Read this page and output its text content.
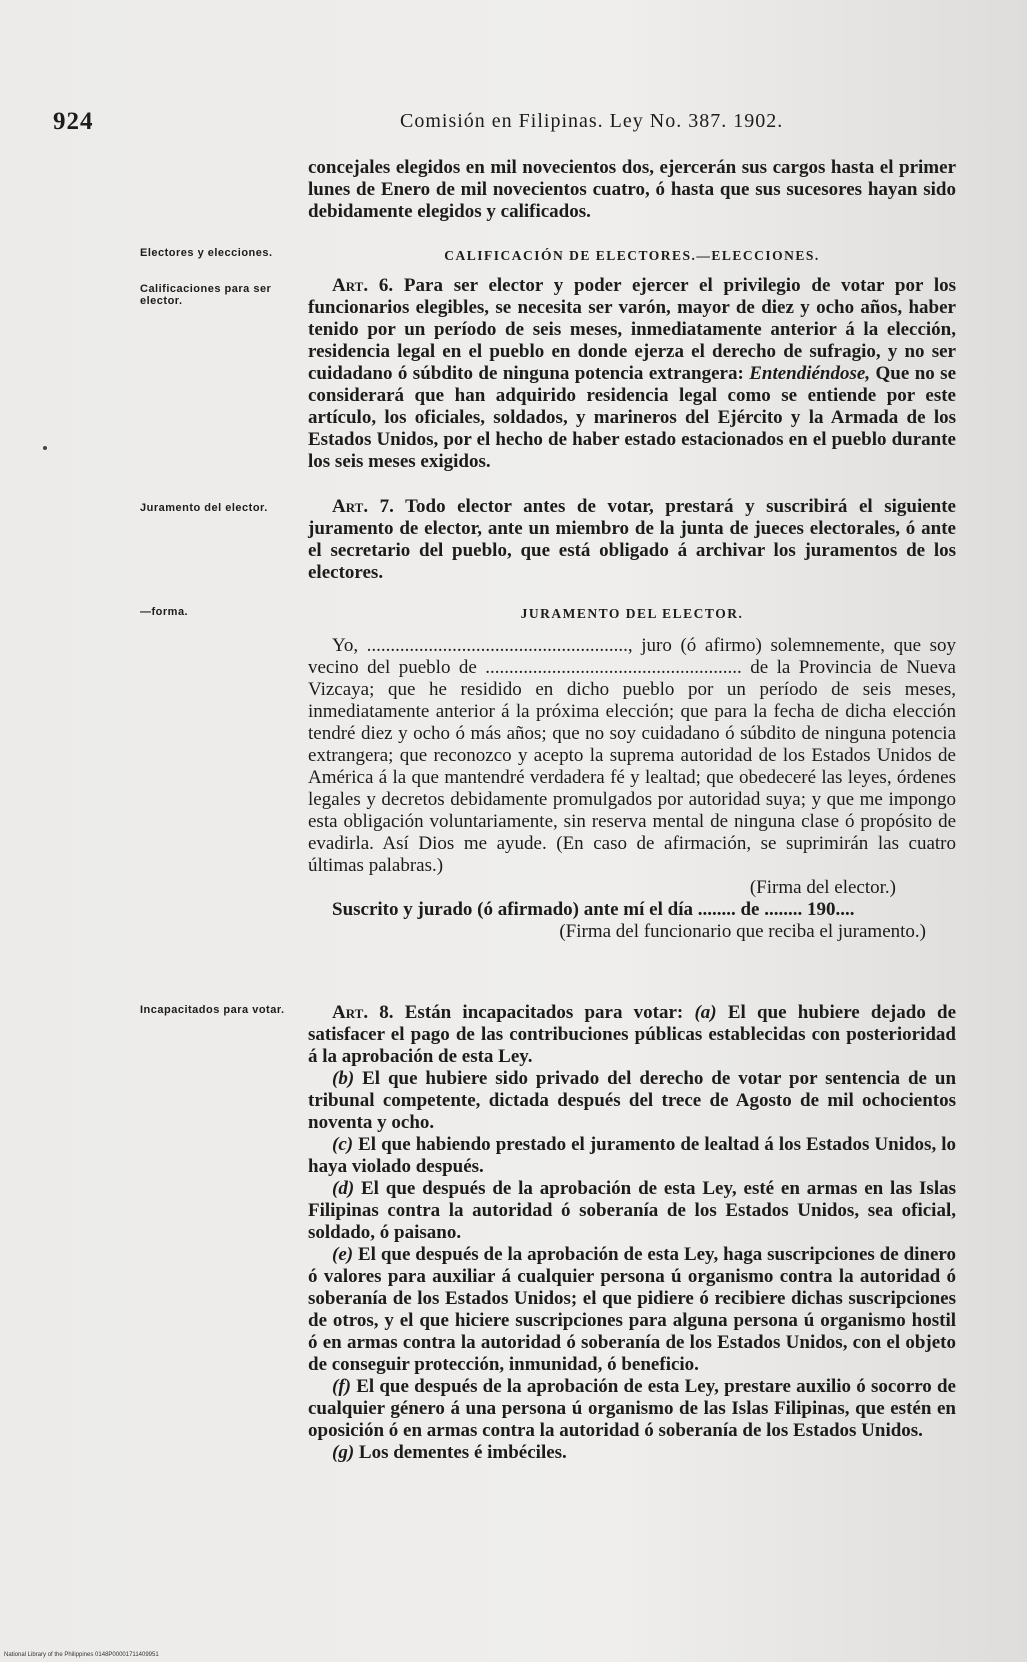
924	Comisión en Filipinas. Ley No. 387. 1902.

concejales elegidos en mil novecientos dos, ejercerán sus cargos hasta el primer lunes de Enero de mil novecientos cuatro, ó hasta que sus sucesores hayan sido debidamente elegidos y calificados.

Electores y elecciones.
Calificaciones para ser elector.
Juramento del elector.
—forma.
Incapacitados para votar.
CALIFICACIÓN DE ELECTORES.—ELECCIONES.

Art. 6. Para ser elector y poder ejercer el privilegio de votar por los funcionarios elegibles, se necesita ser varón, mayor de diez y ocho años, haber tenido por un período de seis meses, inmediatamente anterior á la elección, residencia legal en el pueblo en donde ejerza el derecho de sufragio, y no ser cuidadano ó súbdito de ninguna potencia extrangera: Entendiéndose, Que no se considerará que han adquirido residencia legal como se entiende por este artículo, los oficiales, soldados, y marineros del Ejército y la Armada de los Estados Unidos, por el hecho de haber estado estacionados en el pueblo durante los seis meses exigidos.

Art. 7. Todo elector antes de votar, prestará y suscribirá el siguiente juramento de elector, ante un miembro de la junta de jueces electorales, ó ante el secretario del pueblo, que está obligado á archivar los juramentos de los electores.

JURAMENTO DEL ELECTOR.

Yo, ......................................................., juro (ó afirmo) solemnemente, que soy vecino del pueblo de ...................................................... de la Provincia de Nueva Vizcaya; que he residido en dicho pueblo por un período de seis meses, inmediatamente anterior á la próxima elección; que para la fecha de dicha elección tendré diez y ocho ó más años; que no soy cuidadano ó súbdito de ninguna potencia extrangera; que reconozco y acepto la suprema autoridad de los Estados Unidos de América á la que mantendré verdadera fé y lealtad; que obedeceré las leyes, órdenes legales y decretos debidamente promulgados por autoridad suya; y que me impongo esta obligación voluntariamente, sin reserva mental de ninguna clase ó propósito de evadirla. Así Dios me ayude. (En caso de afirmación, se suprimirán las cuatro últimas palabras.)

(Firma del elector.)

Suscrito y jurado (ó afirmado) ante mí el día ........ de ........ 190....

(Firma del funcionario que reciba el juramento.)

Art. 8. Están incapacitados para votar: (a) El que hubiere dejado de satisfacer el pago de las contribuciones públicas establecidas con posterioridad á la aprobación de esta Ley.

(b) El que hubiere sido privado del derecho de votar por sentencia de un tribunal competente, dictada después del trece de Agosto de mil ochocientos noventa y ocho.

(c) El que habiendo prestado el juramento de lealtad á los Estados Unidos, lo haya violado después.

(d) El que después de la aprobación de esta Ley, esté en armas en las Islas Filipinas contra la autoridad ó soberanía de los Estados Unidos, sea oficial, soldado, ó paisano.

(e) El que después de la aprobación de esta Ley, haga suscripciones de dinero ó valores para auxiliar á cualquier persona ú organismo contra la autoridad ó soberanía de los Estados Unidos; el que pidiere ó recibiere dichas suscripciones de otros, y el que hiciere suscripciones para alguna persona ú organismo hostil ó en armas contra la autoridad ó soberanía de los Estados Unidos, con el objeto de conseguir protección, inmunidad, ó beneficio.

(f) El que después de la aprobación de esta Ley, prestare auxilio ó socorro de cualquier género á una persona ú organismo de las Islas Filipinas, que estén en oposición ó en armas contra la autoridad ó soberanía de los Estados Unidos.

(g) Los dementes é imbéciles.

National Library of the Philippines 0148P00001711409951
